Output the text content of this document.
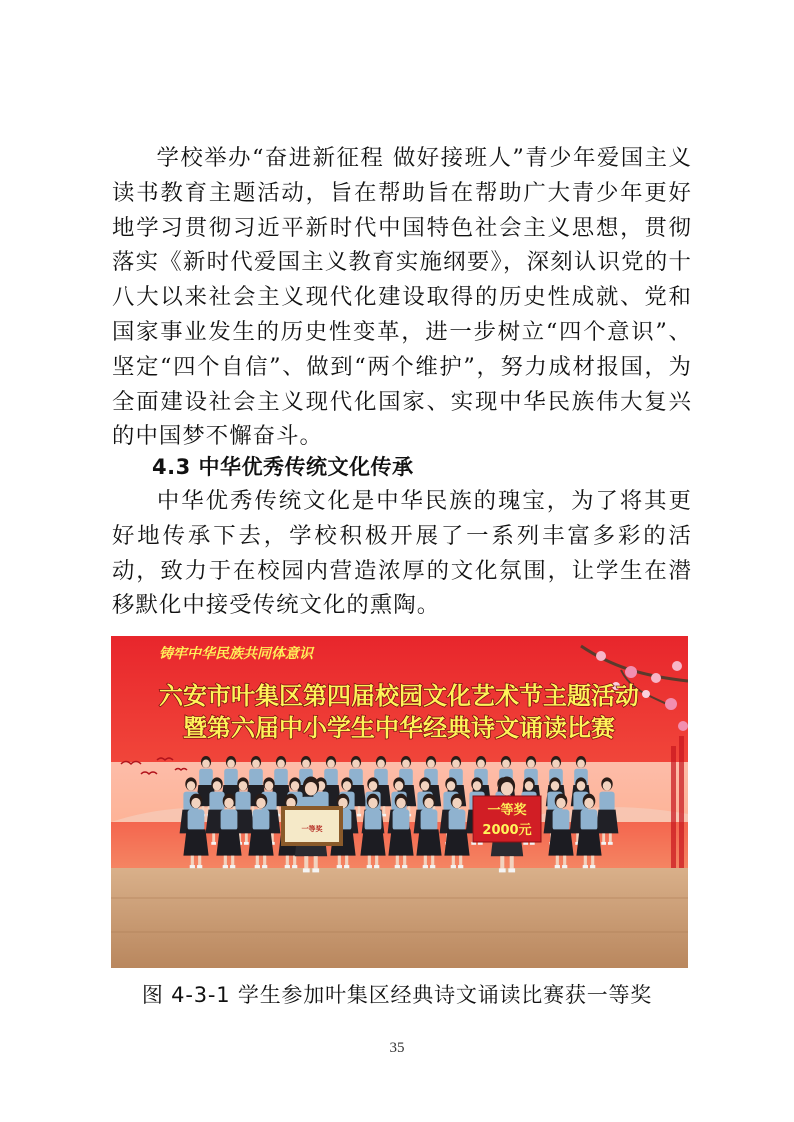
学校举办“奋进新征程 做好接班人”青少年爱国主义读书教育主题活动，旨在帮助旨在帮助广大青少年更好地学习贯彻习近平新时代中国特色社会主义思想，贯彻落实《新时代爱国主义教育实施纲要》，深刻认识党的十八大以来社会主义现代化建设取得的历史性成就、党和国家事业发生的历史性变革，进一步树立“四个意识”、坚定“四个自信”、做到“两个维护”，努力成材报国，为全面建设社会主义现代化国家、实现中华民族伟大复兴的中国梦不懈奋斗。

4.3 中华优秀传统文化传承

中华优秀传统文化是中华民族的瑰宝，为了将其更好地传承下去，学校积极开展了一系列丰富多彩的活动，致力于在校园内营造浓厚的文化氛围，让学生在潜移默化中接受传统文化的熏陶。

铸牢中华民族共同体意识
六安市叶集区第四届校园文化艺术节主题活动
暨第六届中小学生中华经典诗文诵读比赛
一等奖
一等奖
2000元

图 4-3-1 学生参加叶集区经典诗文诵读比赛获一等奖

35
